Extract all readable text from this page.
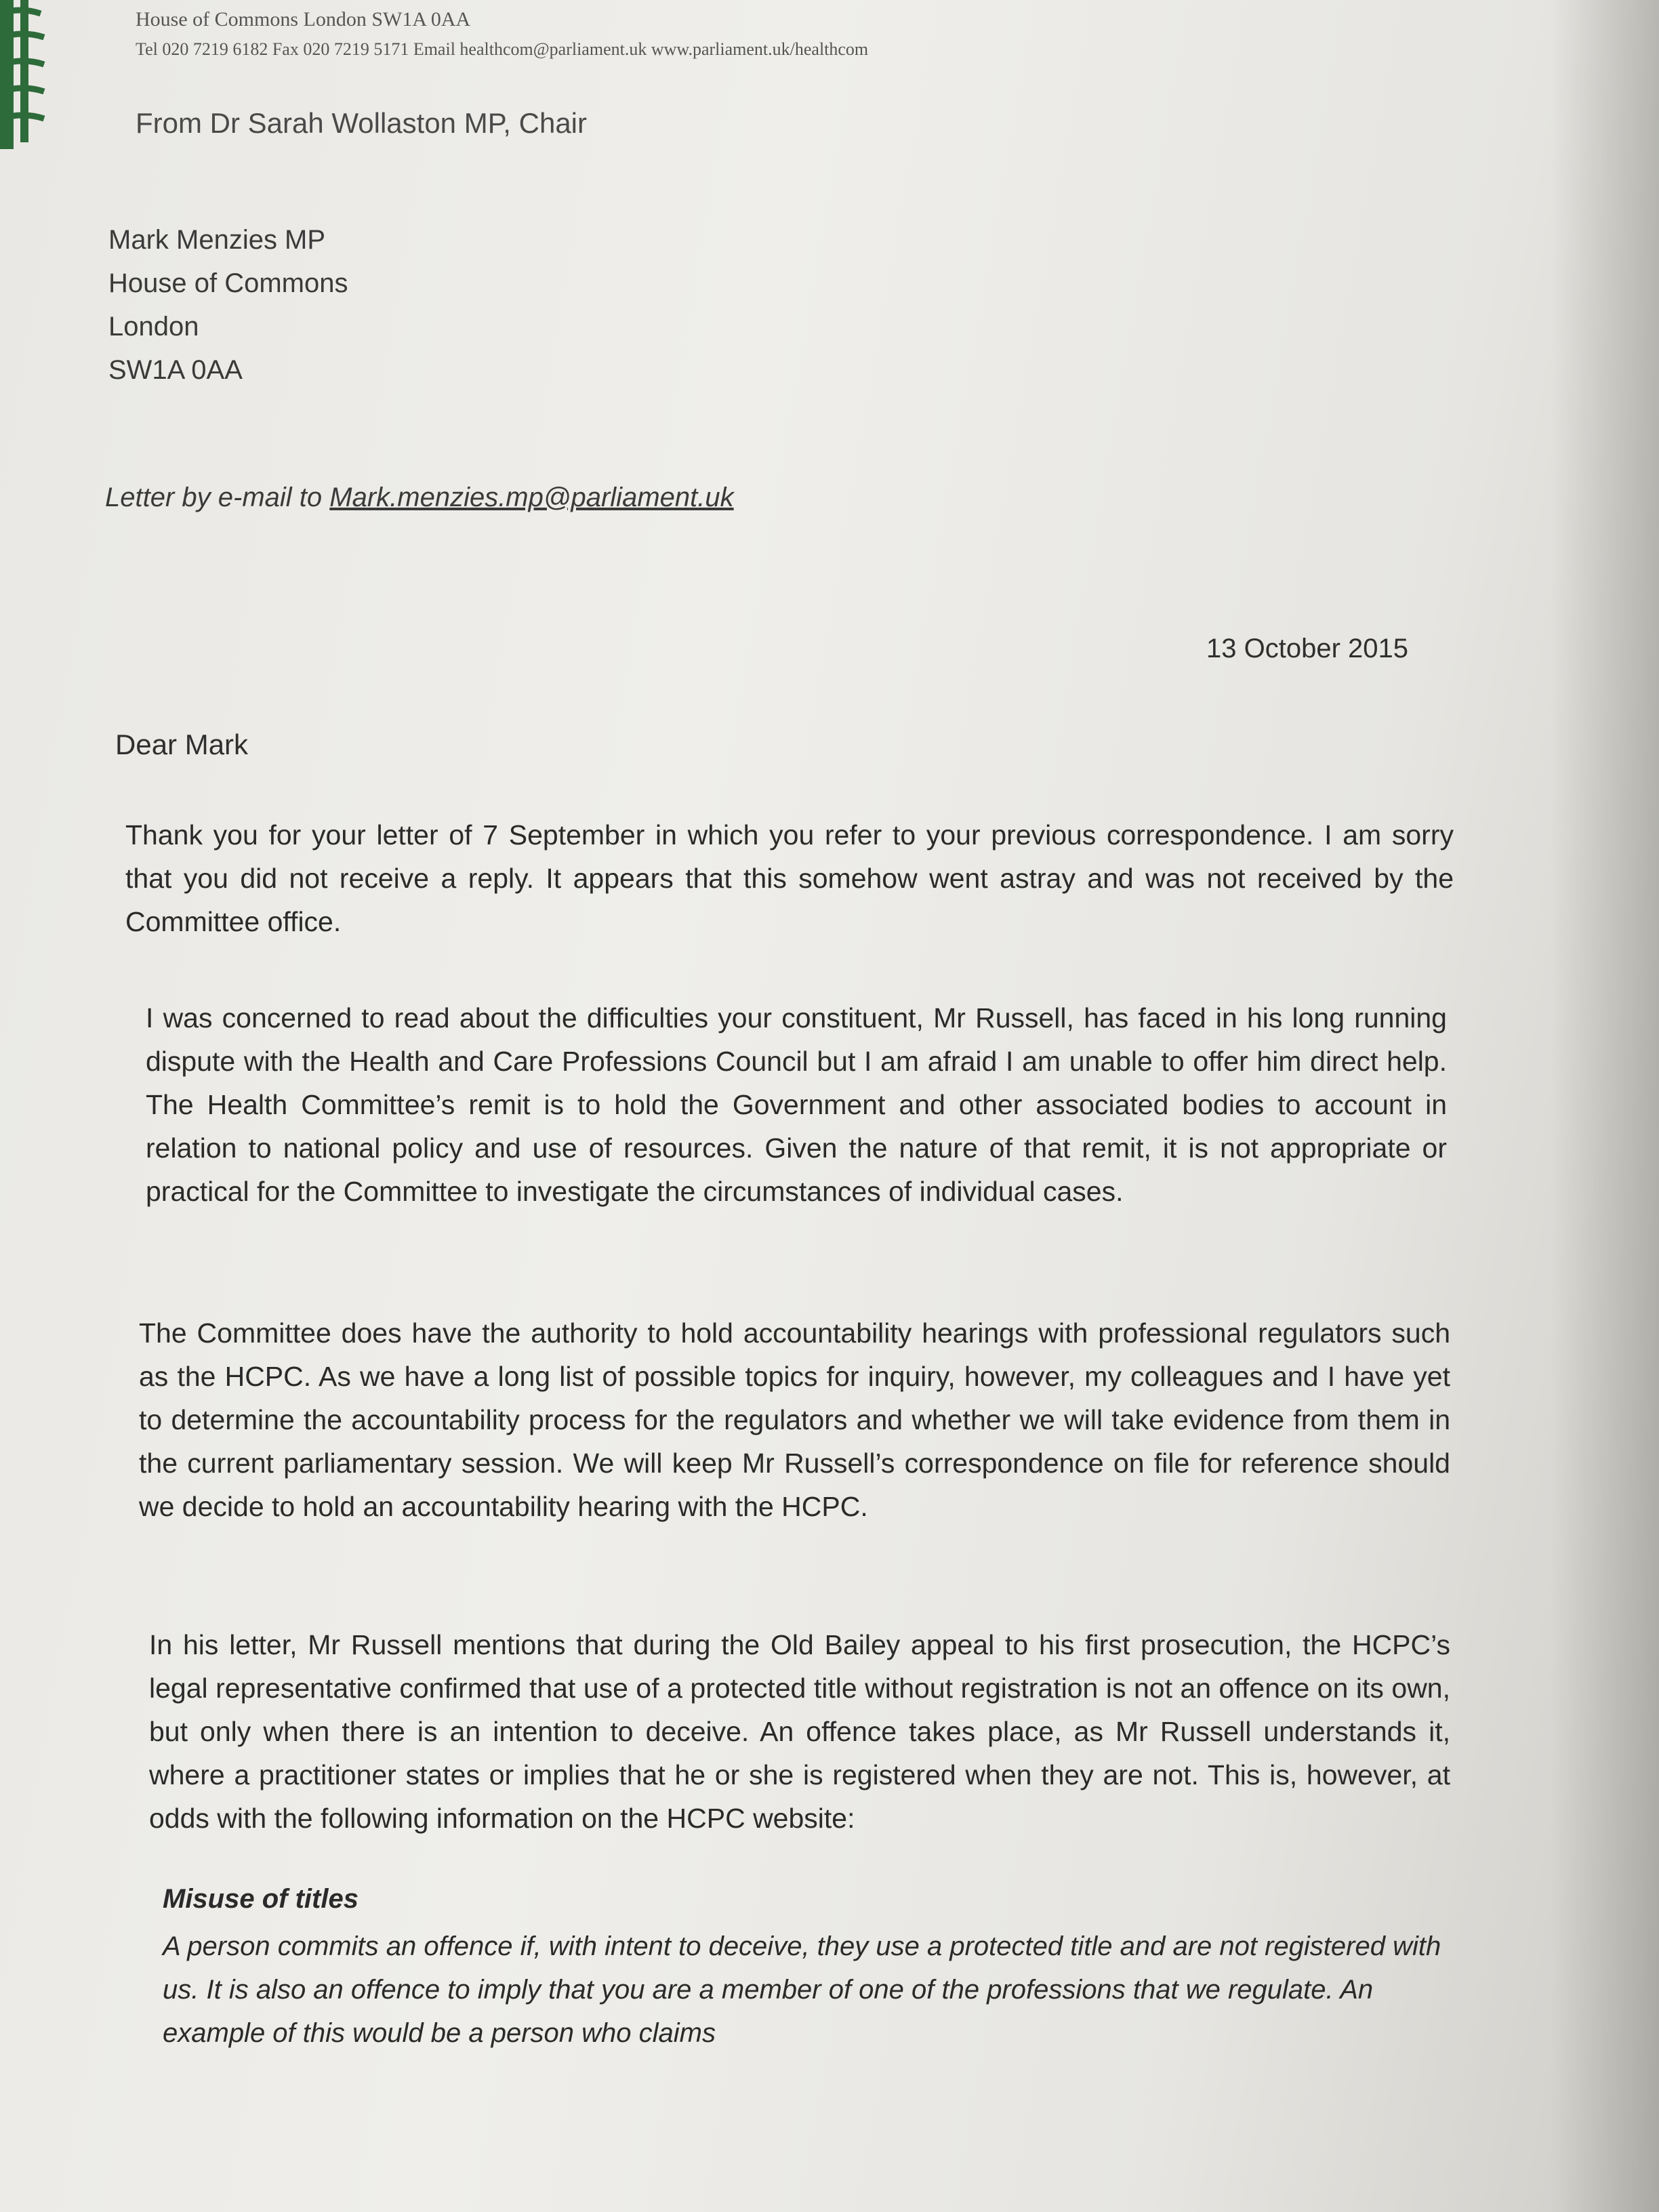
House of Commons London SW1A 0AA
Tel 020 7219 6182 Fax 020 7219 5171 Email healthcom@parliament.uk www.parliament.uk/healthcom
From Dr Sarah Wollaston MP, Chair
Mark Menzies MP
House of Commons
London
SW1A 0AA
Letter by e-mail to Mark.menzies.mp@parliament.uk
13 October 2015
Dear Mark
Thank you for your letter of 7 September in which you refer to your previous correspondence. I am sorry that you did not receive a reply. It appears that this somehow went astray and was not received by the Committee office.
I was concerned to read about the difficulties your constituent, Mr Russell, has faced in his long running dispute with the Health and Care Professions Council but I am afraid I am unable to offer him direct help. The Health Committee’s remit is to hold the Government and other associated bodies to account in relation to national policy and use of resources. Given the nature of that remit, it is not appropriate or practical for the Committee to investigate the circumstances of individual cases.
The Committee does have the authority to hold accountability hearings with professional regulators such as the HCPC. As we have a long list of possible topics for inquiry, however, my colleagues and I have yet to determine the accountability process for the regulators and whether we will take evidence from them in the current parliamentary session. We will keep Mr Russell’s correspondence on file for reference should we decide to hold an accountability hearing with the HCPC.
In his letter, Mr Russell mentions that during the Old Bailey appeal to his first prosecution, the HCPC’s legal representative confirmed that use of a protected title without registration is not an offence on its own, but only when there is an intention to deceive. An offence takes place, as Mr Russell understands it, where a practitioner states or implies that he or she is registered when they are not. This is, however, at odds with the following information on the HCPC website:
Misuse of titles
A person commits an offence if, with intent to deceive, they use a protected title and are not registered with us. It is also an offence to imply that you are a member of one of the professions that we regulate. An example of this would be a person who claims
